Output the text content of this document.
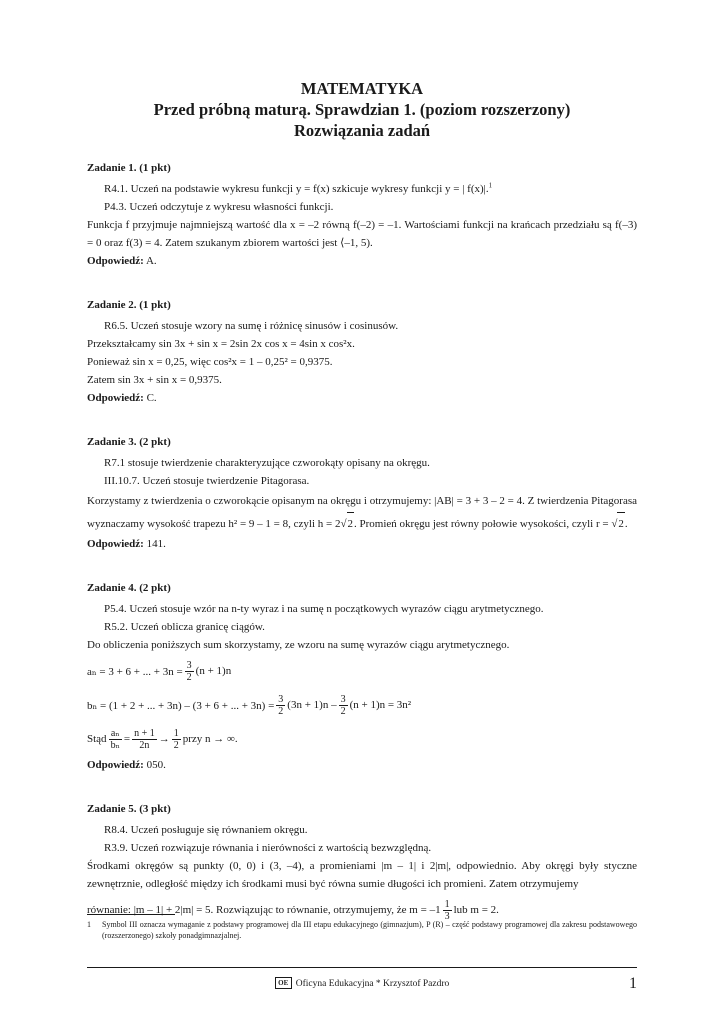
MATEMATYKA
Przed próbną maturą. Sprawdzian 1. (poziom rozszerzony)
Rozwiązania zadań
Zadanie 1. (1 pkt)
R4.1. Uczeń na podstawie wykresu funkcji y = f(x) szkicuje wykresy funkcji y = | f(x)|.$^1$
P4.3. Uczeń odczytuje z wykresu własności funkcji.
Funkcja f przyjmuje najmniejszą wartość dla x = –2 równą f(–2) = –1. Wartościami funkcji na krańcach przedziału są f(–3) = 0 oraz f(3) = 4. Zatem szukanym zbiorem wartości jest ⟨–1, 5).
Odpowiedź: A.
Zadanie 2. (1 pkt)
R6.5. Uczeń stosuje wzory na sumę i różnicę sinusów i cosinusów.
Przekształcamy sin 3x + sin x = 2sin 2x cos x = 4sin x cos²x.
Ponieważ sin x = 0,25, więc cos²x = 1 – 0,25² = 0,9375.
Zatem sin 3x + sin x = 0,9375.
Odpowiedź: C.
Zadanie 3. (2 pkt)
R7.1 stosuje twierdzenie charakteryzujące czworokąty opisany na okręgu.
III.10.7. Uczeń stosuje twierdzenie Pitagorasa.
Korzystamy z twierdzenia o czworokącie opisanym na okręgu i otrzymujemy: |AB| = 3 + 3 – 2 = 4. Z twierdzenia Pitagorasa wyznaczamy wysokość trapezu h² = 9 – 1 = 8, czyli h = 2√2. Promień okręgu jest równy połowie wysokości, czyli r = √2.
Odpowiedź: 141.
Zadanie 4. (2 pkt)
P5.4. Uczeń stosuje wzór na n-ty wyraz i na sumę n początkowych wyrazów ciągu arytmetycznego.
R5.2. Uczeń oblicza granicę ciągów.
Do obliczenia poniższych sum skorzystamy, ze wzoru na sumę wyrazów ciągu arytmetycznego.
aₙ = 3 + 6 + ... + $3n = \frac{3}{2} (n + 1)n$
bₙ = (1 + 2 + ... + 3n) – (3 + 6 + ... + $3n) = \frac{3}{2} (3n + 1)n - \frac{3}{2} (n + 1)n = 3n^2$
Stąd $\frac{\text{aₙ}}{\text{bₙ}} = \frac{n + 1}{2n} \to \frac{1}{2}$ przy n → ∞.
Odpowiedź: 050.
Zadanie 5. (3 pkt)
R8.4. Uczeń posługuje się równaniem okręgu.
R3.9. Uczeń rozwiązuje równania i nierówności z wartością bezwzględną.
Środkami okręgów są punkty (0, 0) i (3, –4), a promieniami |m – 1| i 2|m|, odpowiednio. Aby okręgi były styczne zewnętrznie, odległość między ich środkami musi być równa sumie długości ich promieni. Zatem otrzymujemy
równanie: |m – 1| + 2|m| = 5. Rozwiązując to równanie, otrzymujemy, że $m = -1 \frac{1}{3}$ lub m = 2.
1	Symbol III oznacza wymaganie z podstawy programowej dla III etapu edukacyjnego (gimnazjum), P (R) – część podstawy programowej dla zakresu podstawowego (rozszerzonego) szkoły ponadgimnazjalnej.
OE Oficyna Edukacyjna * Krzysztof Pazdro	1
